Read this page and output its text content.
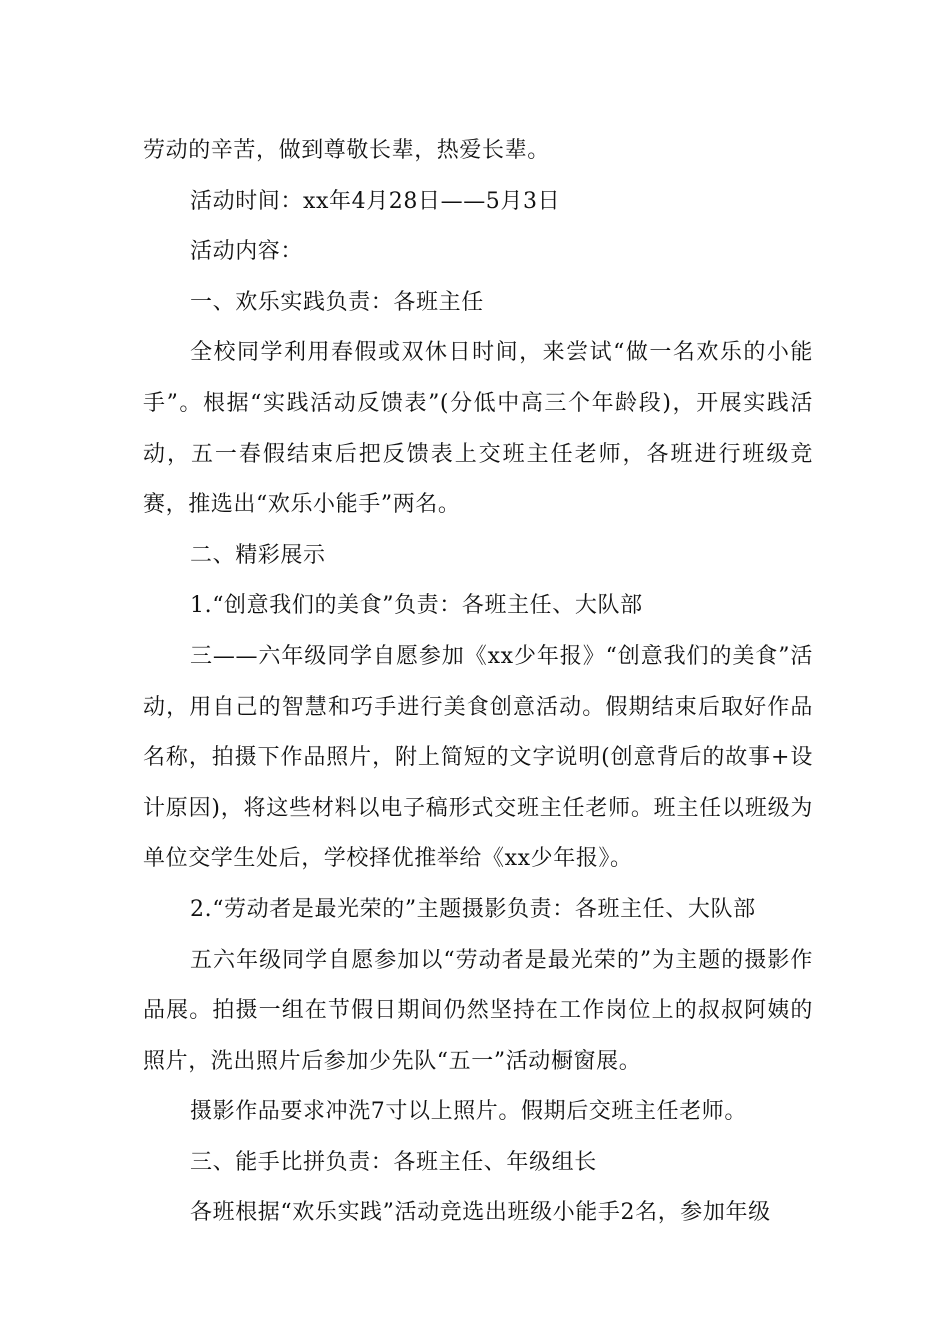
劳动的辛苦，做到尊敬长辈，热爱长辈。

活动时间：xx年4月28日——5月3日

活动内容：

一、欢乐实践负责：各班主任

全校同学利用春假或双休日时间，来尝试“做一名欢乐的小能手”。根据“实践活动反馈表”(分低中高三个年龄段)，开展实践活动，五一春假结束后把反馈表上交班主任老师，各班进行班级竞赛，推选出“欢乐小能手”两名。

二、精彩展示

1.“创意我们的美食”负责：各班主任、大队部

三——六年级同学自愿参加《xx少年报》“创意我们的美食”活动，用自己的智慧和巧手进行美食创意活动。假期结束后取好作品名称，拍摄下作品照片，附上简短的文字说明(创意背后的故事+设计原因)，将这些材料以电子稿形式交班主任老师。班主任以班级为单位交学生处后，学校择优推举给《xx少年报》。

2.“劳动者是最光荣的”主题摄影负责：各班主任、大队部

五六年级同学自愿参加以“劳动者是最光荣的”为主题的摄影作品展。拍摄一组在节假日期间仍然坚持在工作岗位上的叔叔阿姨的照片，洗出照片后参加少先队“五一”活动橱窗展。

摄影作品要求冲洗7寸以上照片。假期后交班主任老师。

三、能手比拼负责：各班主任、年级组长

各班根据“欢乐实践”活动竞选出班级小能手2名，参加年级
